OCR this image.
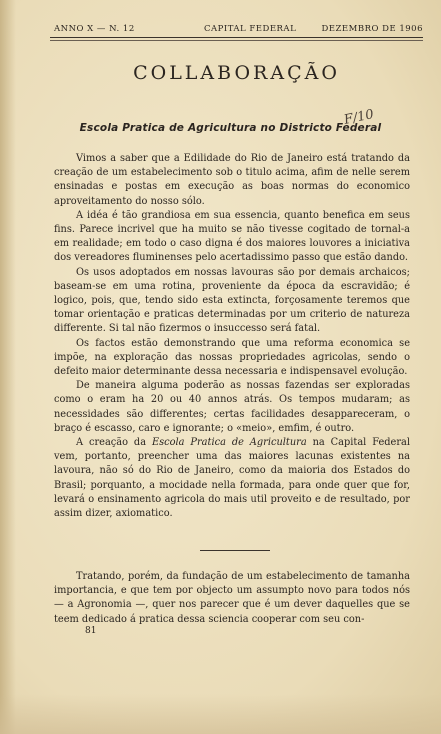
ANNO X — N. 12	CAPITAL FEDERAL	DEZEMBRO DE 1906
COLLABORAÇÃO
Escola Pratica de Agricultura no Districto Federal
F/10

Vimos a saber que a Edilidade do Rio de Janeiro está tratando da creação de um estabelecimento sob o titulo acima, afim de nelle serem ensinadas e postas em execução as boas normas do economico aproveitamento do nosso sólo.

A idéa é tão grandiosa em sua essencia, quanto benefica em seus fins. Parece incrivel que ha muito se não tivesse cogitado de tornal-a em realidade; em todo o caso digna é dos maiores louvores a iniciativa dos vereadores fluminenses pelo acertadissimo passo que estão dando.

Os usos adoptados em nossas lavouras são por demais archaicos; baseam-se em uma rotina, proveniente da época da escravidão; é logico, pois, que, tendo sido esta extincta, forçosamente teremos que tomar orientação e praticas determinadas por um criterio de natureza differente. Si tal não fizermos o insuccesso será fatal.

Os factos estão demonstrando que uma reforma economica se impõe, na exploração das nossas propriedades agricolas, sendo o defeito maior determinante dessa necessaria e indispensavel evolução.

De maneira alguma poderão as nossas fazendas ser exploradas como o eram ha 20 ou 40 annos atrás. Os tempos mudaram; as necessidades são differentes; certas facilidades desappareceram, o braço é escasso, caro e ignorante; o «meio», emfim, é outro.

A creação da Escola Pratica de Agricultura na Capital Federal vem, portanto, preencher uma das maiores lacunas existentes na lavoura, não só do Rio de Janeiro, como da maioria dos Estados do Brasil; porquanto, a mocidade nella formada, para onde quer que for, levará o ensinamento agricola do mais util proveito e de resultado, por assim dizer, axiomatico.

Tratando, porém, da fundação de um estabelecimento de tamanha importancia, e que tem por objecto um assumpto novo para todos nós — a Agronomia —, quer nos parecer que é um dever daquelles que se teem dedicado á pratica dessa sciencia cooperar com seu con-

81
